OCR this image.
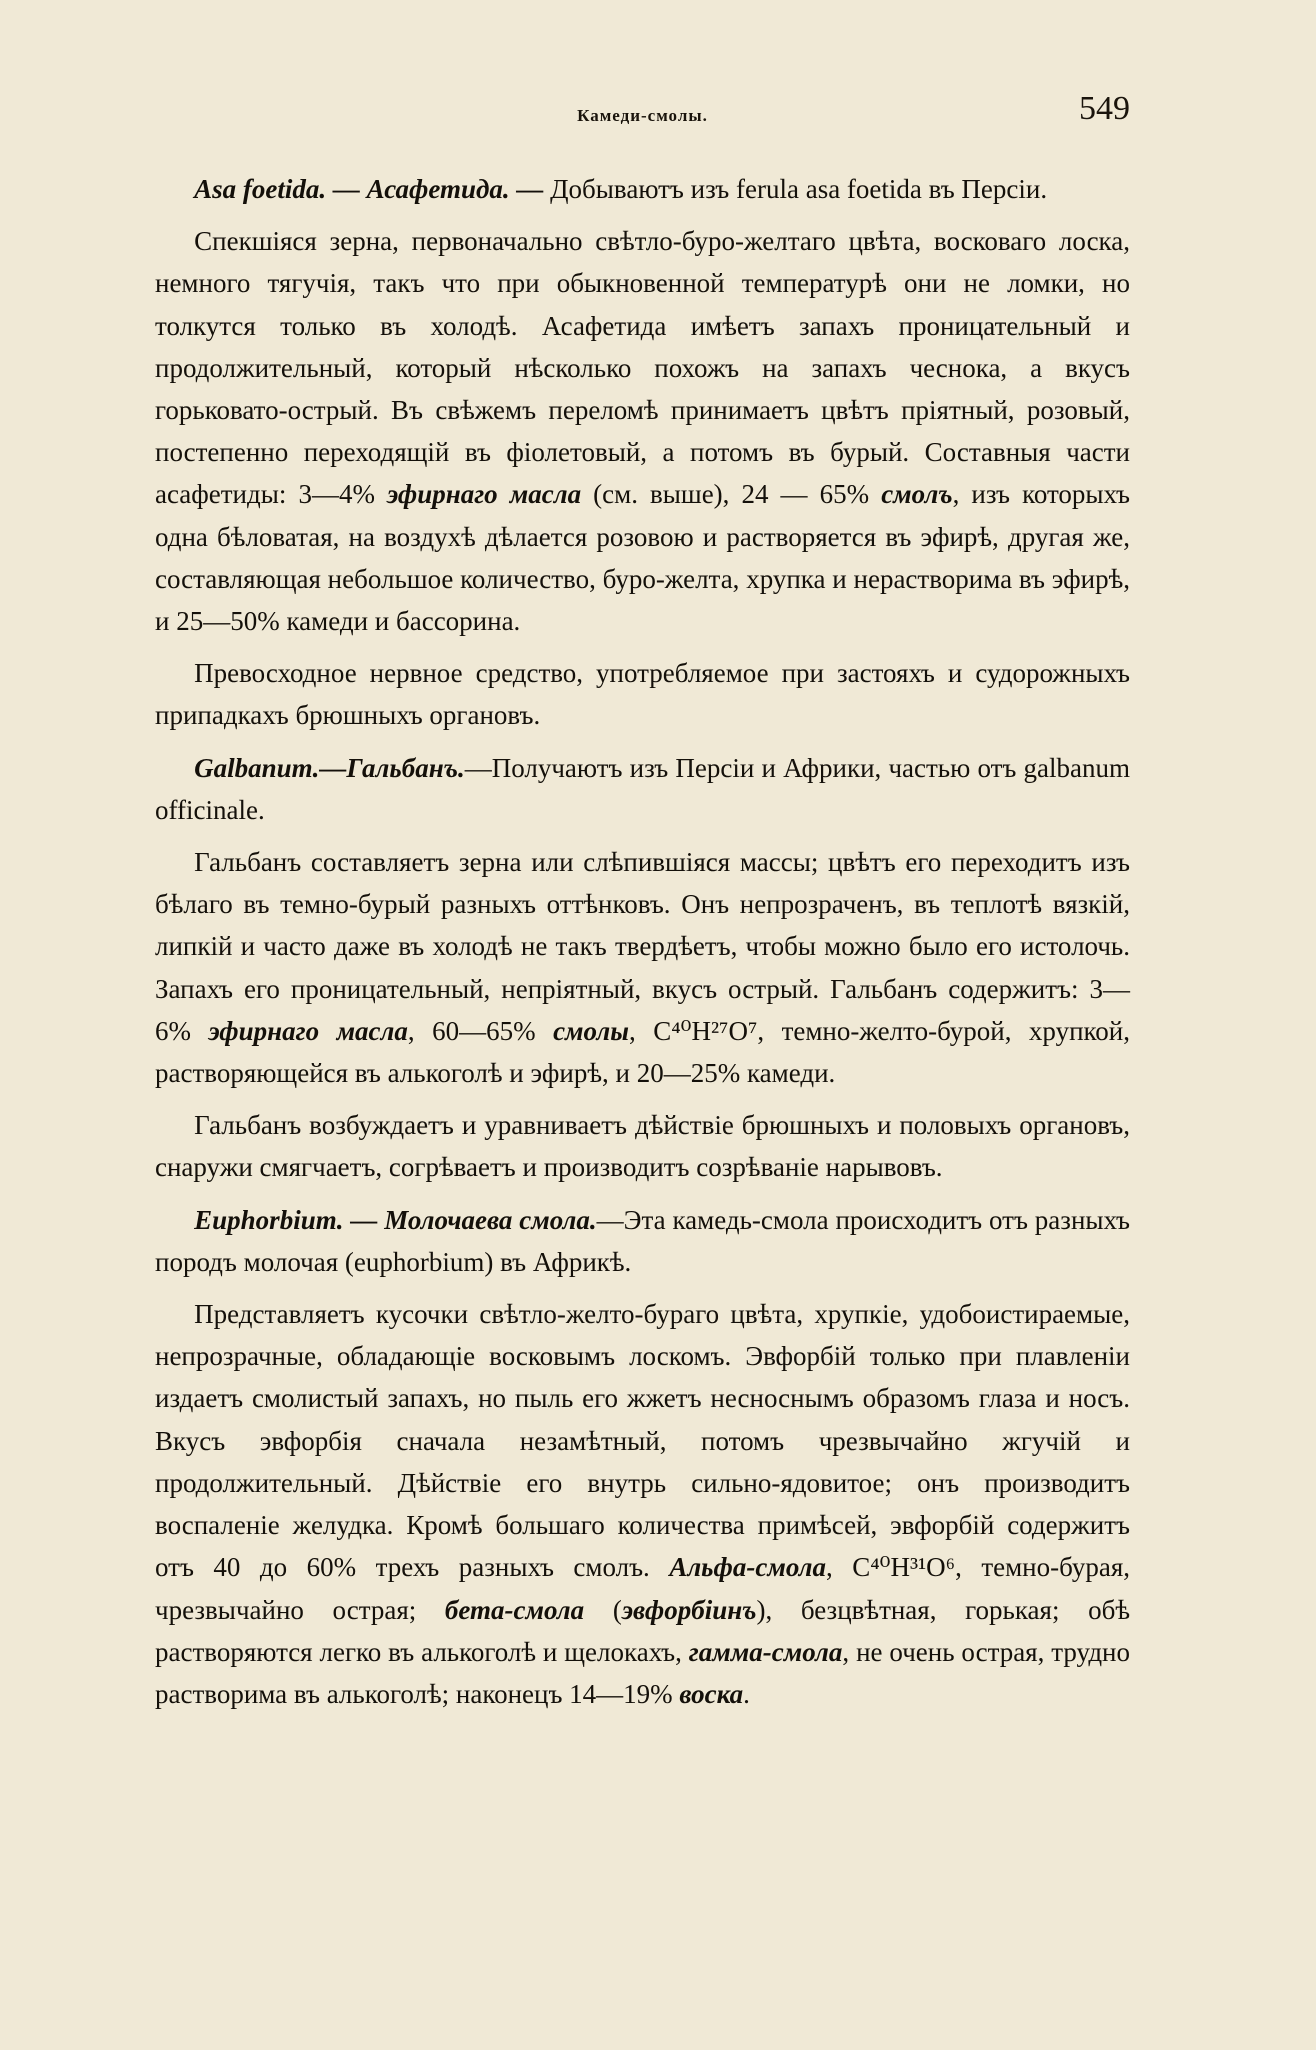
Камеди-смолы.	549

Asa foetida. — Асафетида. — Добываютъ изъ ferula asa foetida въ Персіи.

Спекшіяся зерна, первоначально свѣтло-буро-желтаго цвѣта, восковаго лоска, немного тягучія, такъ что при обыкновенной температурѣ они не ломки, но толкутся только въ холодѣ. Асафетида имѣетъ запахъ проницательный и продолжительный, который нѣсколько похожъ на запахъ чеснока, а вкусъ горьковато-острый. Въ свѣжемъ переломѣ принимаетъ цвѣтъ пріятный, розовый, постепенно переходящій въ фіолетовый, а потомъ въ бурый. Составныя части асафетиды: 3—4% эфирнаго масла (см. выше), 24 — 65% смолъ, изъ которыхъ одна бѣловатая, на воздухѣ дѣлается розовою и растворяется въ эфирѣ, другая же, составляющая небольшое количество, буро-желта, хрупка и нерастворима въ эфирѣ, и 25—50% камеди и бассорина.

Превосходное нервное средство, употребляемое при застояхъ и судорожныхъ припадкахъ брюшныхъ органовъ.

Galbanum.—Гальбанъ.—Получаютъ изъ Персіи и Африки, частью отъ galbanum officinale.

Гальбанъ составляетъ зерна или слѣпившіяся массы; цвѣтъ его переходитъ изъ бѣлаго въ темно-бурый разныхъ оттѣнковъ. Онъ непрозраченъ, въ теплотѣ вязкій, липкій и часто даже въ холодѣ не такъ твердѣетъ, чтобы можно было его истолочь. Запахъ его проницательный, непріятный, вкусъ острый. Гальбанъ содержитъ: 3—6% эфирнаго масла, 60—65% смолы, C⁴⁰H²⁷O⁷, темно-желто-бурой, хрупкой, растворяющейся въ алькоголѣ и эфирѣ, и 20—25% камеди.

Гальбанъ возбуждаетъ и уравниваетъ дѣйствіе брюшныхъ и половыхъ органовъ, снаружи смягчаетъ, согрѣваетъ и производитъ созрѣваніе нарывовъ.

Euphorbium. — Молочаева смола.—Эта камедь-смола происходитъ отъ разныхъ породъ молочая (euphorbium) въ Африкѣ.

Представляетъ кусочки свѣтло-желто-бураго цвѣта, хрупкіе, удобоистираемые, непрозрачные, обладающіе восковымъ лоскомъ. Эвфорбій только при плавленіи издаетъ смолистый запахъ, но пыль его жжетъ несноснымъ образомъ глаза и носъ. Вкусъ эвфорбія сначала незамѣтный, потомъ чрезвычайно жгучій и продолжительный. Дѣйствіе его внутрь сильно-ядовитое; онъ производитъ воспаленіе желудка. Кромѣ большаго количества примѣсей, эвфорбій содержитъ отъ 40 до 60% трехъ разныхъ смолъ. Альфа-смола, C⁴⁰H³¹O⁶, темно-бурая, чрезвычайно острая; бета-смола (эвфорбіинъ), безцвѣтная, горькая; обѣ растворяются легко въ алькоголѣ и щелокахъ, гамма-смола, не очень острая, трудно растворима въ алькоголѣ; наконецъ 14—19% воска.
